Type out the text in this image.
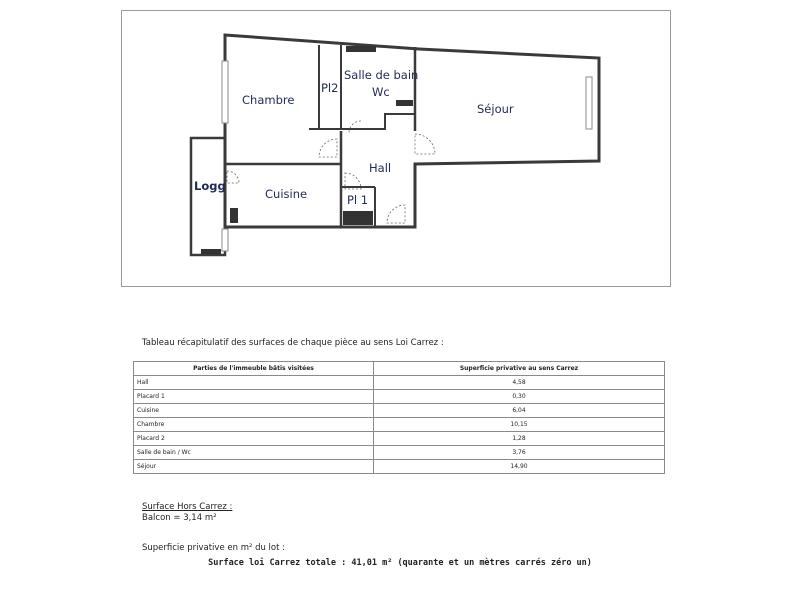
Chambre
Pl2
Salle de bain
Wc
Séjour
Hall
Logg
Cuisine	Pl 1
Tableau récapitulatif des surfaces de chaque pièce au sens Loi Carrez :
Parties de l'immeuble bâtis visitées	Superficie privative au sens Carrez
Hall	4,58
Placard 1	0,30
Cuisine	6,04
Chambre	10,15
Placard 2	1,28
Salle de bain / Wc	3,76
Séjour	14,90
Surface Hors Carrez :
Balcon = 3,14 m²
Superficie privative en m² du lot :
Surface loi Carrez totale : 41,01 m² (quarante et un mètres carrés zéro un)
